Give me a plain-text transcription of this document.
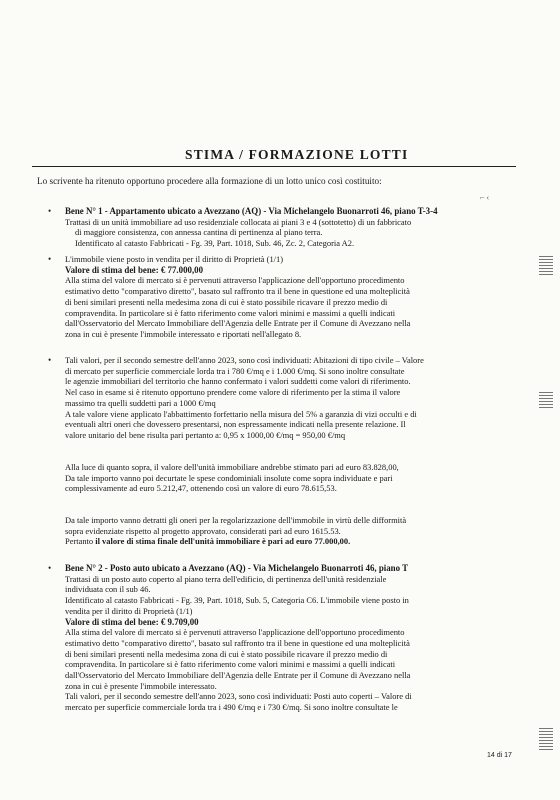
STIMA / FORMAZIONE LOTTI
Lo scrivente ha ritenuto opportuno procedere alla formazione di un lotto unico così costituito:
⌐ ‹
• Bene N° 1 - Appartamento ubicato a Avezzano (AQ) - Via Michelangelo Buonarroti 46, piano T-3-4
Trattasi di un unità immobiliare ad uso residenziale collocata ai piani 3 e 4 (sottotetto) di un fabbricato
di maggiore consistenza, con annessa cantina di pertinenza al piano terra.
Identificato al catasto Fabbricati - Fg. 39, Part. 1018, Sub. 46, Zc. 2, Categoria A2.
• L'immobile viene posto in vendita per il diritto di Proprietà (1/1)
Valore di stima del bene: € 77.000,00
Alla stima del valore di mercato si è pervenuti attraverso l'applicazione dell'opportuno procedimento
estimativo detto "comparativo diretto", basato sul raffronto tra il bene in questione ed una molteplicità
di beni similari presenti nella medesima zona di cui è stato possibile ricavare il prezzo medio di
compravendita. In particolare si è fatto riferimento come valori minimi e massimi a quelli indicati
dall'Osservatorio del Mercato Immobiliare dell'Agenzia delle Entrate per il Comune di Avezzano nella
zona in cui è presente l'immobile interessato e riportati nell'allegato 8.
• Tali valori, per il secondo semestre dell'anno 2023, sono così individuati: Abitazioni di tipo civile – Valore
di mercato per superficie commerciale lorda tra i 780 €/mq e i 1.000 €/mq. Si sono inoltre consultate
le agenzie immobiliari del territorio che hanno confermato i valori suddetti come valori di riferimento.
Nel caso in esame si è ritenuto opportuno prendere come valore di riferimento per la stima il valore
massimo tra quelli suddetti pari a 1000 €/mq
A tale valore viene applicato l'abbattimento forfettario nella misura del 5% a garanzia di vizi occulti e di
eventuali altri oneri che dovessero presentarsi, non espressamente indicati nella presente relazione. Il
valore unitario del bene risulta pari pertanto a: 0,95 x 1000,00 €/mq = 950,00 €/mq
Alla luce di quanto sopra, il valore dell'unità immobiliare andrebbe stimato pari ad euro 83.828,00,
Da tale importo vanno poi decurtate le spese condominiali insolute come sopra individuate e pari
complessivamente ad euro 5.212,47, ottenendo così un valore di euro 78.615,53.
Da tale importo vanno detratti gli oneri per la regolarizzazione dell'immobile in virtù delle difformità
sopra evidenziate rispetto al progetto approvato, considerati pari ad euro 1615.53.
Pertanto il valore di stima finale dell'unità immobiliare è pari ad euro 77.000,00.
• Bene N° 2 - Posto auto ubicato a Avezzano (AQ) - Via Michelangelo Buonarroti 46, piano T
Trattasi di un posto auto coperto al piano terra dell'edificio, di pertinenza dell'unità residenziale
individuata con il sub 46.
Identificato al catasto Fabbricati - Fg. 39, Part. 1018, Sub. 5, Categoria C6. L'immobile viene posto in
vendita per il diritto di Proprietà (1/1)
Valore di stima del bene: € 9.709,00
Alla stima del valore di mercato si è pervenuti attraverso l'applicazione dell'opportuno procedimento
estimativo detto "comparativo diretto", basato sul raffronto tra il bene in questione ed una molteplicità
di beni similari presenti nella medesima zona di cui è stato possibile ricavare il prezzo medio di
compravendita. In particolare si è fatto riferimento come valori minimi e massimi a quelli indicati
dall'Osservatorio del Mercato Immobiliare dell'Agenzia delle Entrate per il Comune di Avezzano nella
zona in cui è presente l'immobile interessato.
Tali valori, per il secondo semestre dell'anno 2023, sono così individuati: Posti auto coperti – Valore di
mercato per superficie commerciale lorda tra i 490 €/mq e i 730 €/mq. Si sono inoltre consultate le
14 di 17
